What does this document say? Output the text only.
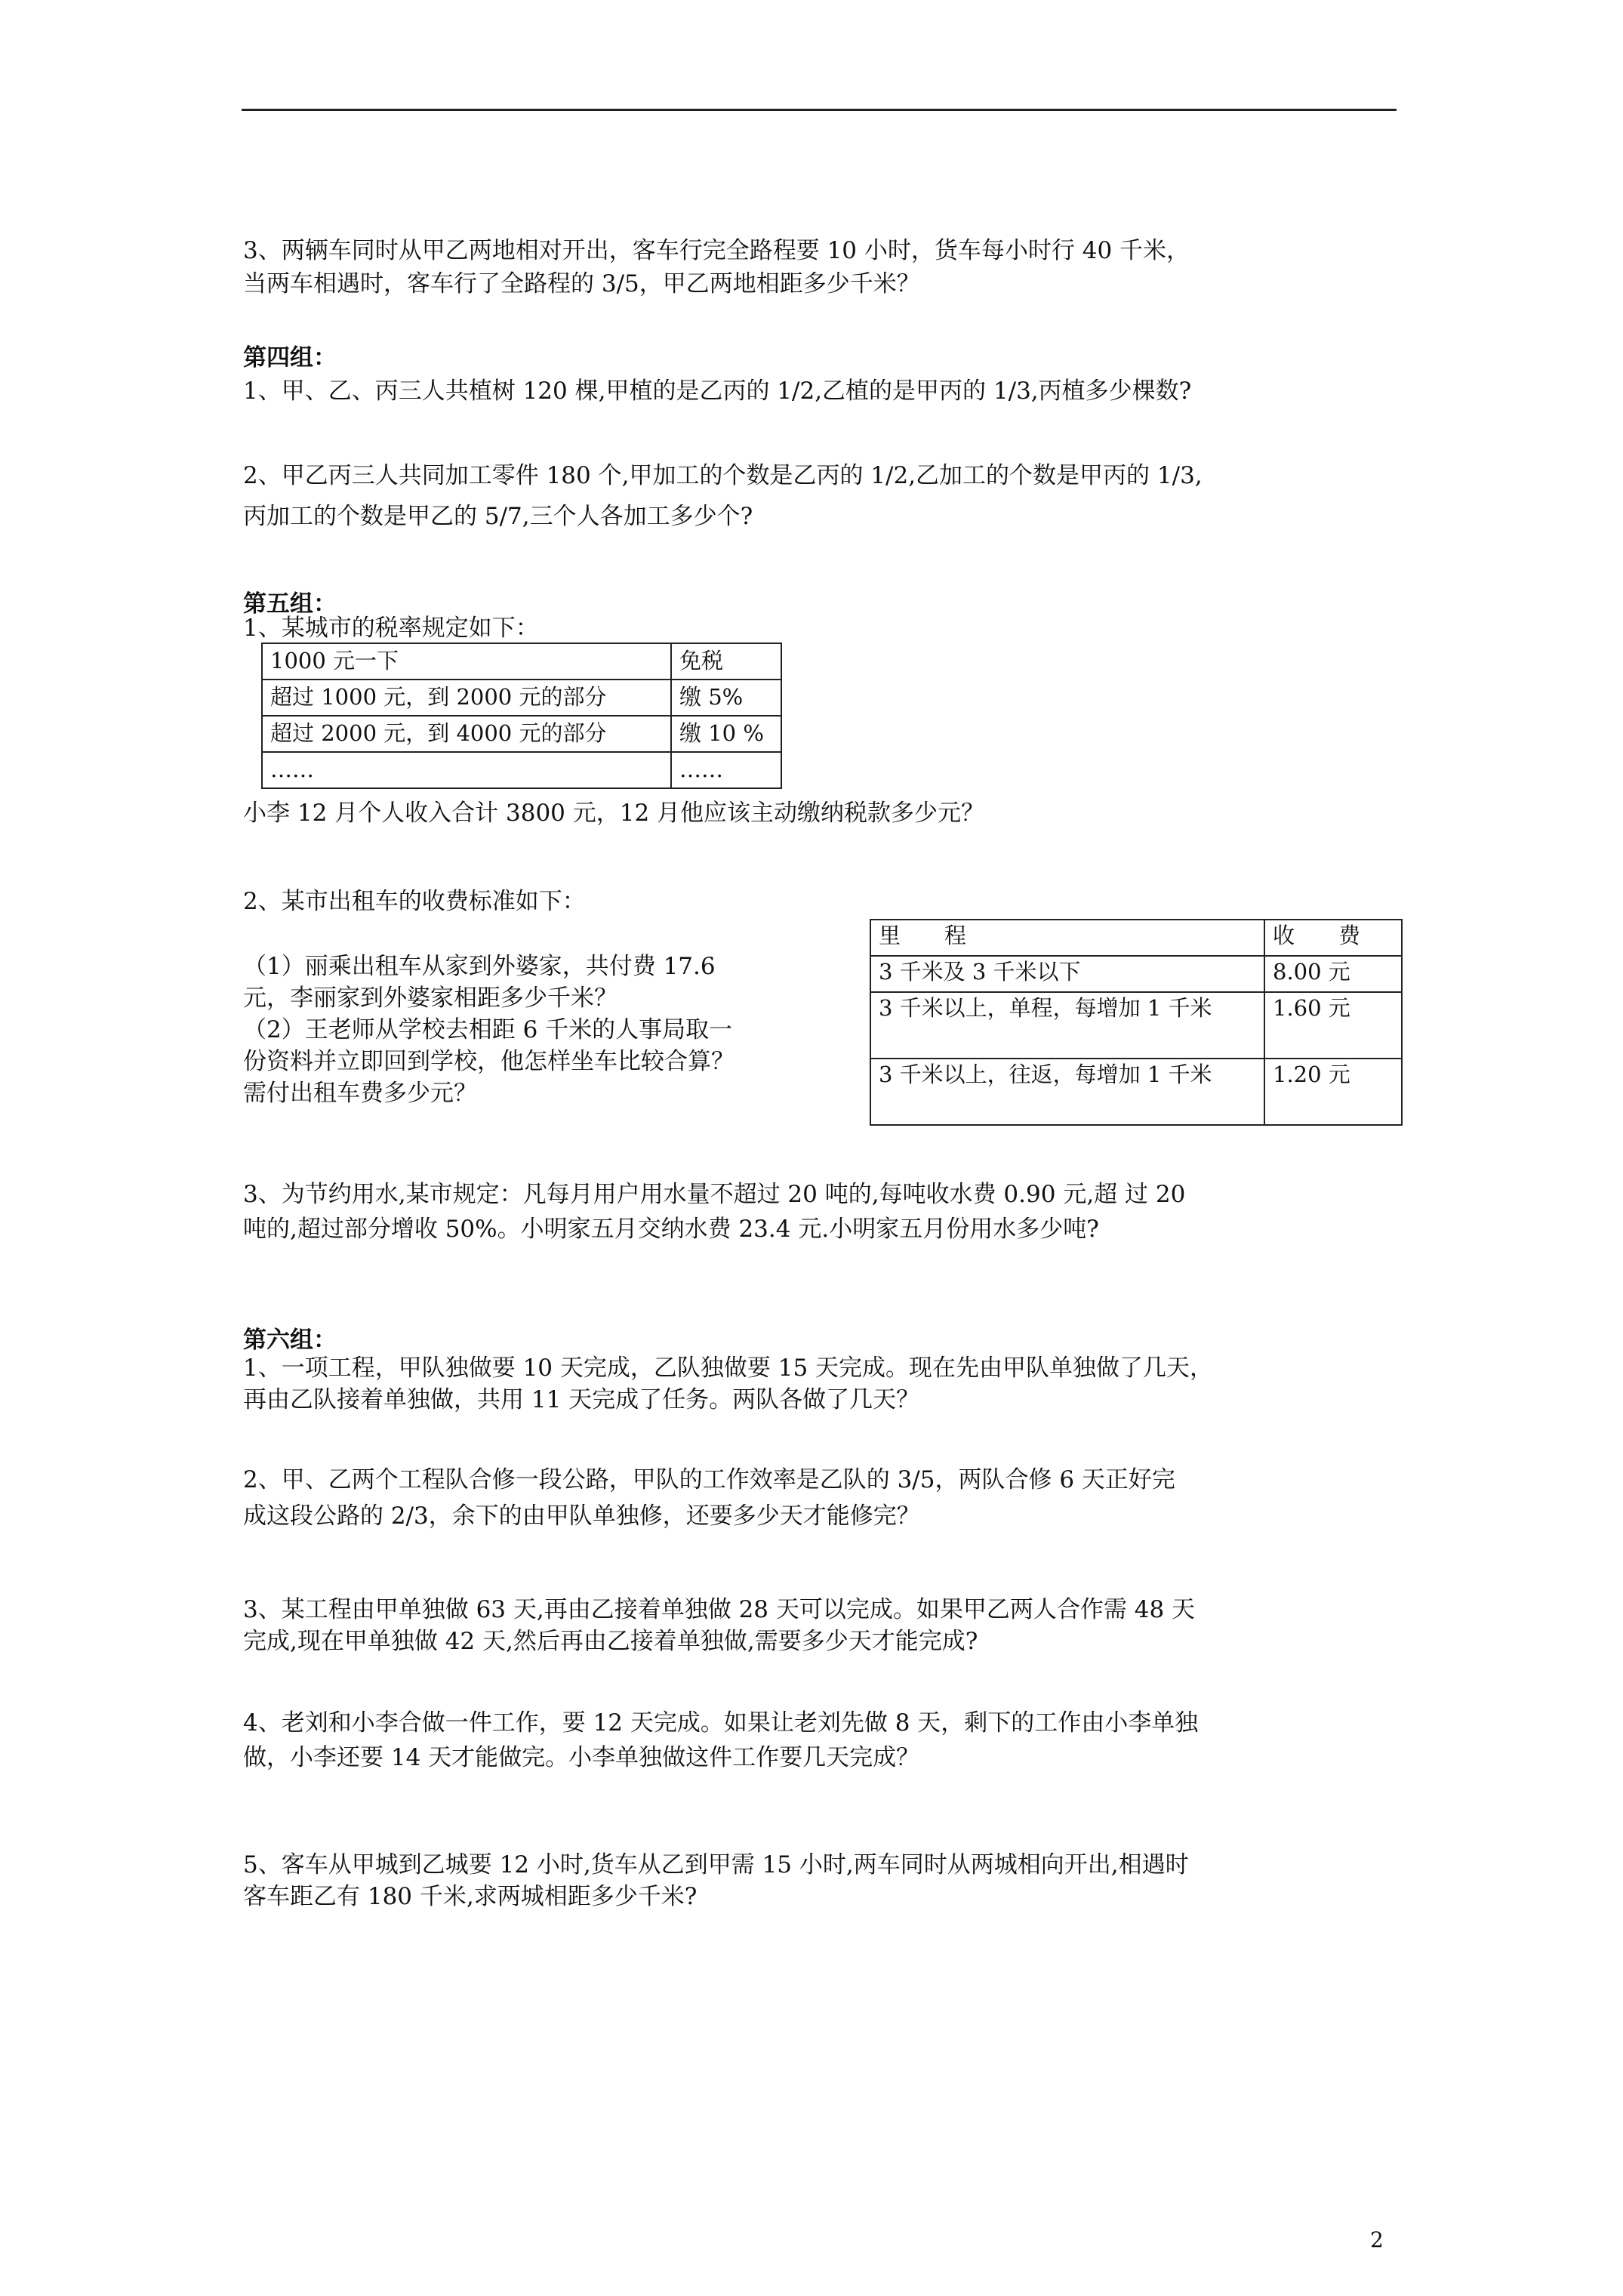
3、两辆车同时从甲乙两地相对开出，客车行完全路程要 10 小时，货车每小时行 40 千米，
当两车相遇时，客车行了全路程的 3/5，甲乙两地相距多少千米？
第四组：
1、甲、乙、丙三人共植树 120 棵,甲植的是乙丙的 1/2,乙植的是甲丙的 1/3,丙植多少棵数?
2、甲乙丙三人共同加工零件 180 个,甲加工的个数是乙丙的 1/2,乙加工的个数是甲丙的 1/3,
丙加工的个数是甲乙的 5/7,三个人各加工多少个?
第五组：
1、某城市的税率规定如下：
1000 元一下	免税
超过 1000 元，到 2000 元的部分	缴 5%
超过 2000 元，到 4000 元的部分	缴 10 %
……	……
小李 12 月个人收入合计 3800 元，12 月他应该主动缴纳税款多少元？
2、某市出租车的收费标准如下：
（1）丽乘出租车从家到外婆家，共付费 17.6
元，李丽家到外婆家相距多少千米？
（2）王老师从学校去相距 6 千米的人事局取一
份资料并立即回到学校，他怎样坐车比较合算？
需付出租车费多少元？
里　　程	收　　费
3 千米及 3 千米以下	8.00 元
3 千米以上，单程，每增加 1 千米	1.60 元
3 千米以上，往返，每增加 1 千米	1.20 元
3、为节约用水,某市规定：凡每月用户用水量不超过 20 吨的,每吨收水费 0.90 元,超 过 20
吨的,超过部分增收 50%。小明家五月交纳水费 23.4 元.小明家五月份用水多少吨?
第六组：
1、一项工程，甲队独做要 10 天完成，乙队独做要 15 天完成。现在先由甲队单独做了几天，
再由乙队接着单独做，共用 11 天完成了任务。两队各做了几天？
2、甲、乙两个工程队合修一段公路，甲队的工作效率是乙队的 3/5，两队合修 6 天正好完
成这段公路的 2/3，余下的由甲队单独修，还要多少天才能修完？
3、某工程由甲单独做 63 天,再由乙接着单独做 28 天可以完成。如果甲乙两人合作需 48 天
完成,现在甲单独做 42 天,然后再由乙接着单独做,需要多少天才能完成?
4、老刘和小李合做一件工作，要 12 天完成。如果让老刘先做 8 天，剩下的工作由小李单独
做，小李还要 14 天才能做完。小李单独做这件工作要几天完成？
5、客车从甲城到乙城要 12 小时,货车从乙到甲需 15 小时,两车同时从两城相向开出,相遇时
客车距乙有 180 千米,求两城相距多少千米?
2
